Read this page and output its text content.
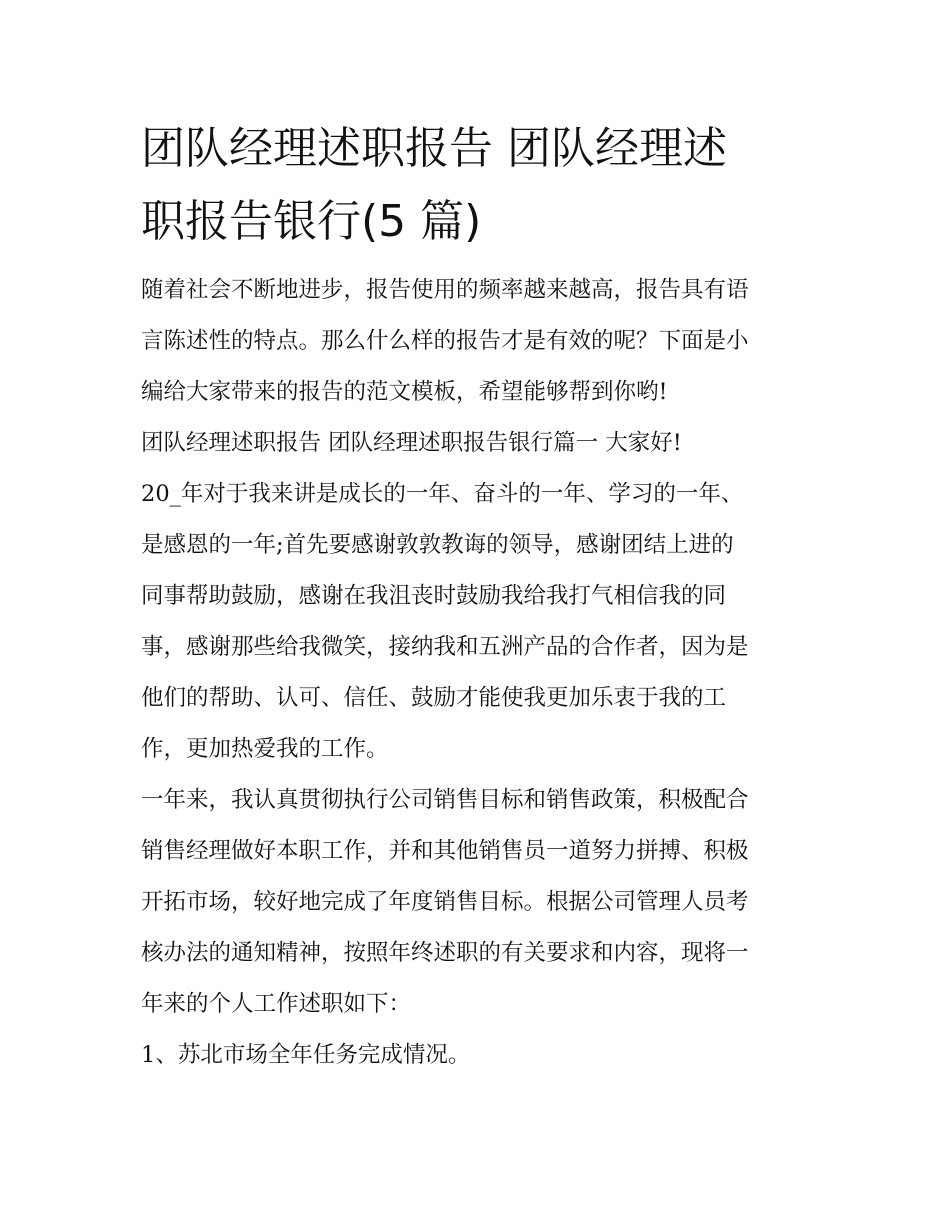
团队经理述职报告 团队经理述
职报告银行(5 篇)
随着社会不断地进步，报告使用的频率越来越高，报告具有语
言陈述性的特点。那么什么样的报告才是有效的呢？下面是小
编给大家带来的报告的范文模板，希望能够帮到你哟!
团队经理述职报告 团队经理述职报告银行篇一 大家好!
20_年对于我来讲是成长的一年、奋斗的一年、学习的一年、
是感恩的一年;首先要感谢敦敦教诲的领导，感谢团结上进的
同事帮助鼓励，感谢在我沮丧时鼓励我给我打气相信我的同
事，感谢那些给我微笑，接纳我和五洲产品的合作者，因为是
他们的帮助、认可、信任、鼓励才能使我更加乐衷于我的工
作，更加热爱我的工作。
一年来，我认真贯彻执行公司销售目标和销售政策，积极配合
销售经理做好本职工作，并和其他销售员一道努力拼搏、积极
开拓市场，较好地完成了年度销售目标。根据公司管理人员考
核办法的通知精神，按照年终述职的有关要求和内容，现将一
年来的个人工作述职如下：
1、苏北市场全年任务完成情况。
